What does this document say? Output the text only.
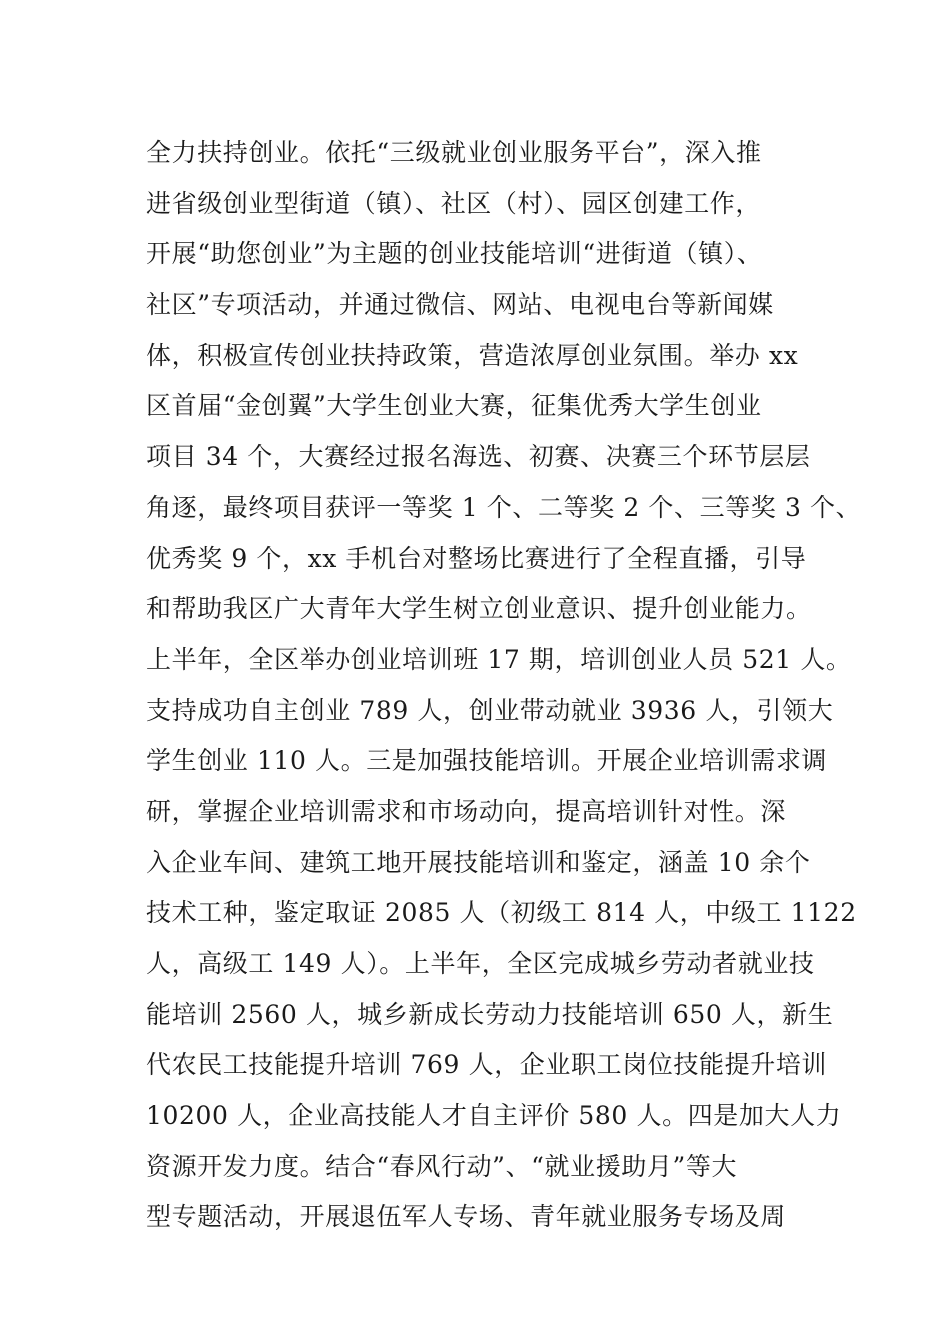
全力扶持创业。依托“三级就业创业服务平台”，深入推
进省级创业型街道（镇）、社区（村）、园区创建工作，
开展“助您创业”为主题的创业技能培训“进街道（镇）、
社区”专项活动，并通过微信、网站、电视电台等新闻媒
体，积极宣传创业扶持政策，营造浓厚创业氛围。举办 xx
区首届“金创翼”大学生创业大赛，征集优秀大学生创业
项目 34 个，大赛经过报名海选、初赛、决赛三个环节层层
角逐，最终项目获评一等奖 1 个、二等奖 2 个、三等奖 3 个、
优秀奖 9 个，xx 手机台对整场比赛进行了全程直播，引导
和帮助我区广大青年大学生树立创业意识、提升创业能力。
上半年，全区举办创业培训班 17 期，培训创业人员 521 人。
支持成功自主创业 789 人，创业带动就业 3936 人，引领大
学生创业 110 人。三是加强技能培训。开展企业培训需求调
研，掌握企业培训需求和市场动向，提高培训针对性。深
入企业车间、建筑工地开展技能培训和鉴定，涵盖 10 余个
技术工种，鉴定取证 2085 人（初级工 814 人，中级工 1122
人，高级工 149 人）。上半年，全区完成城乡劳动者就业技
能培训 2560 人，城乡新成长劳动力技能培训 650 人，新生
代农民工技能提升培训 769 人，企业职工岗位技能提升培训
10200 人，企业高技能人才自主评价 580 人。四是加大人力
资源开发力度。结合“春风行动”、“就业援助月”等大
型专题活动，开展退伍军人专场、青年就业服务专场及周
